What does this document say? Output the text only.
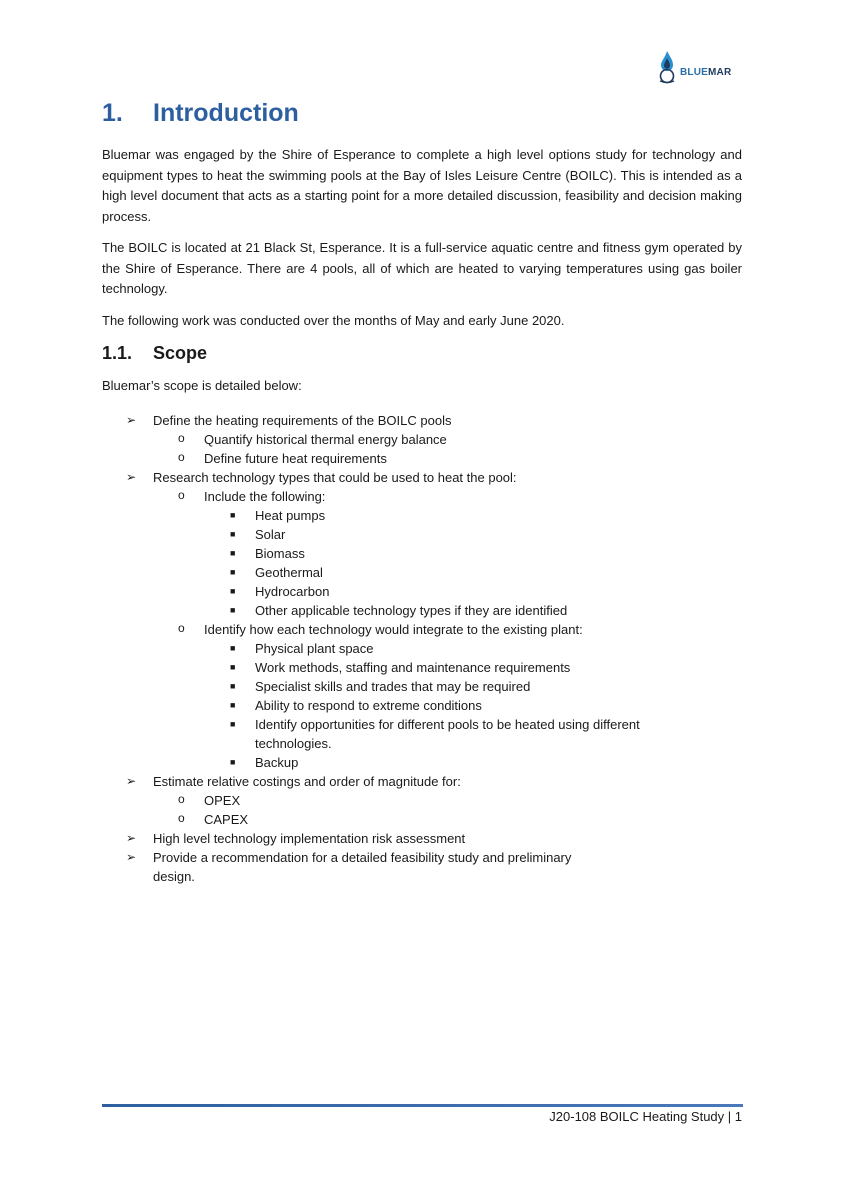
BLUEMAR
1. Introduction

Bluemar was engaged by the Shire of Esperance to complete a high level options study for technology and equipment types to heat the swimming pools at the Bay of Isles Leisure Centre (BOILC). This is intended as a high level document that acts as a starting point for a more detailed discussion, feasibility and decision making process.

The BOILC is located at 21 Black St, Esperance. It is a full-service aquatic centre and fitness gym operated by the Shire of Esperance. There are 4 pools, all of which are heated to varying temperatures using gas boiler technology.

The following work was conducted over the months of May and early June 2020.

1.1. Scope

Bluemar’s scope is detailed below:

➢ Define the heating requirements of the BOILC pools
o Quantify historical thermal energy balance
o Define future heat requirements
➢ Research technology types that could be used to heat the pool:
o Include the following:
■ Heat pumps
■ Solar
■ Biomass
■ Geothermal
■ Hydrocarbon
■ Other applicable technology types if they are identified
o Identify how each technology would integrate to the existing plant:
■ Physical plant space
■ Work methods, staffing and maintenance requirements
■ Specialist skills and trades that may be required
■ Ability to respond to extreme conditions
■ Identify opportunities for different pools to be heated using different technologies.
■ Backup
➢ Estimate relative costings and order of magnitude for:
o OPEX
o CAPEX
➢ High level technology implementation risk assessment
➢ Provide a recommendation for a detailed feasibility study and preliminary design.
J20-108 BOILC Heating Study | 1
